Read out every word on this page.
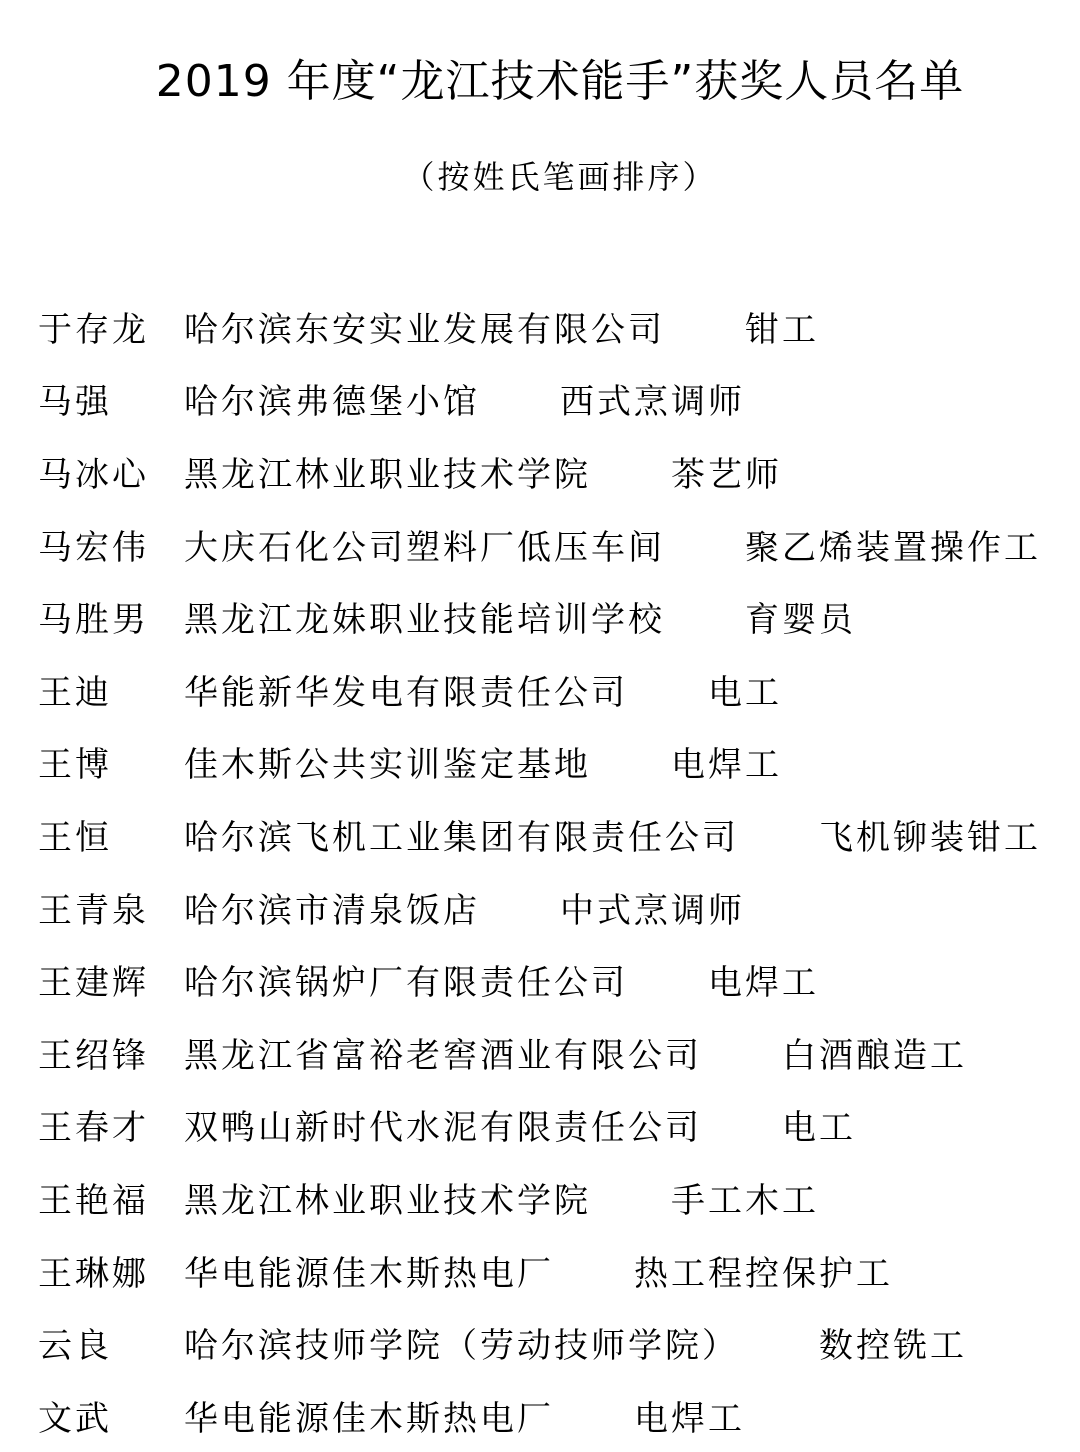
2019 年度“龙江技术能手”获奖人员名单
（按姓氏笔画排序）
于存龙 哈尔滨东安实业发展有限公司 钳工
马强	哈尔滨弗德堡小馆 西式烹调师
马冰心 黑龙江林业职业技术学院 茶艺师
马宏伟 大庆石化公司塑料厂低压车间 聚乙烯装置操作工
马胜男 黑龙江龙妹职业技能培训学校 育婴员
王迪	华能新华发电有限责任公司 电工
王博	佳木斯公共实训鉴定基地 电焊工
王恒	哈尔滨飞机工业集团有限责任公司 飞机铆装钳工
王青泉 哈尔滨市清泉饭店 中式烹调师
王建辉 哈尔滨锅炉厂有限责任公司 电焊工
王绍锋 黑龙江省富裕老窖酒业有限公司 白酒酿造工
王春才 双鸭山新时代水泥有限责任公司 电工
王艳福 黑龙江林业职业技术学院 手工木工
王琳娜 华电能源佳木斯热电厂 热工程控保护工
云良	哈尔滨技师学院（劳动技师学院） 数控铣工
文武	华电能源佳木斯热电厂 电焊工
